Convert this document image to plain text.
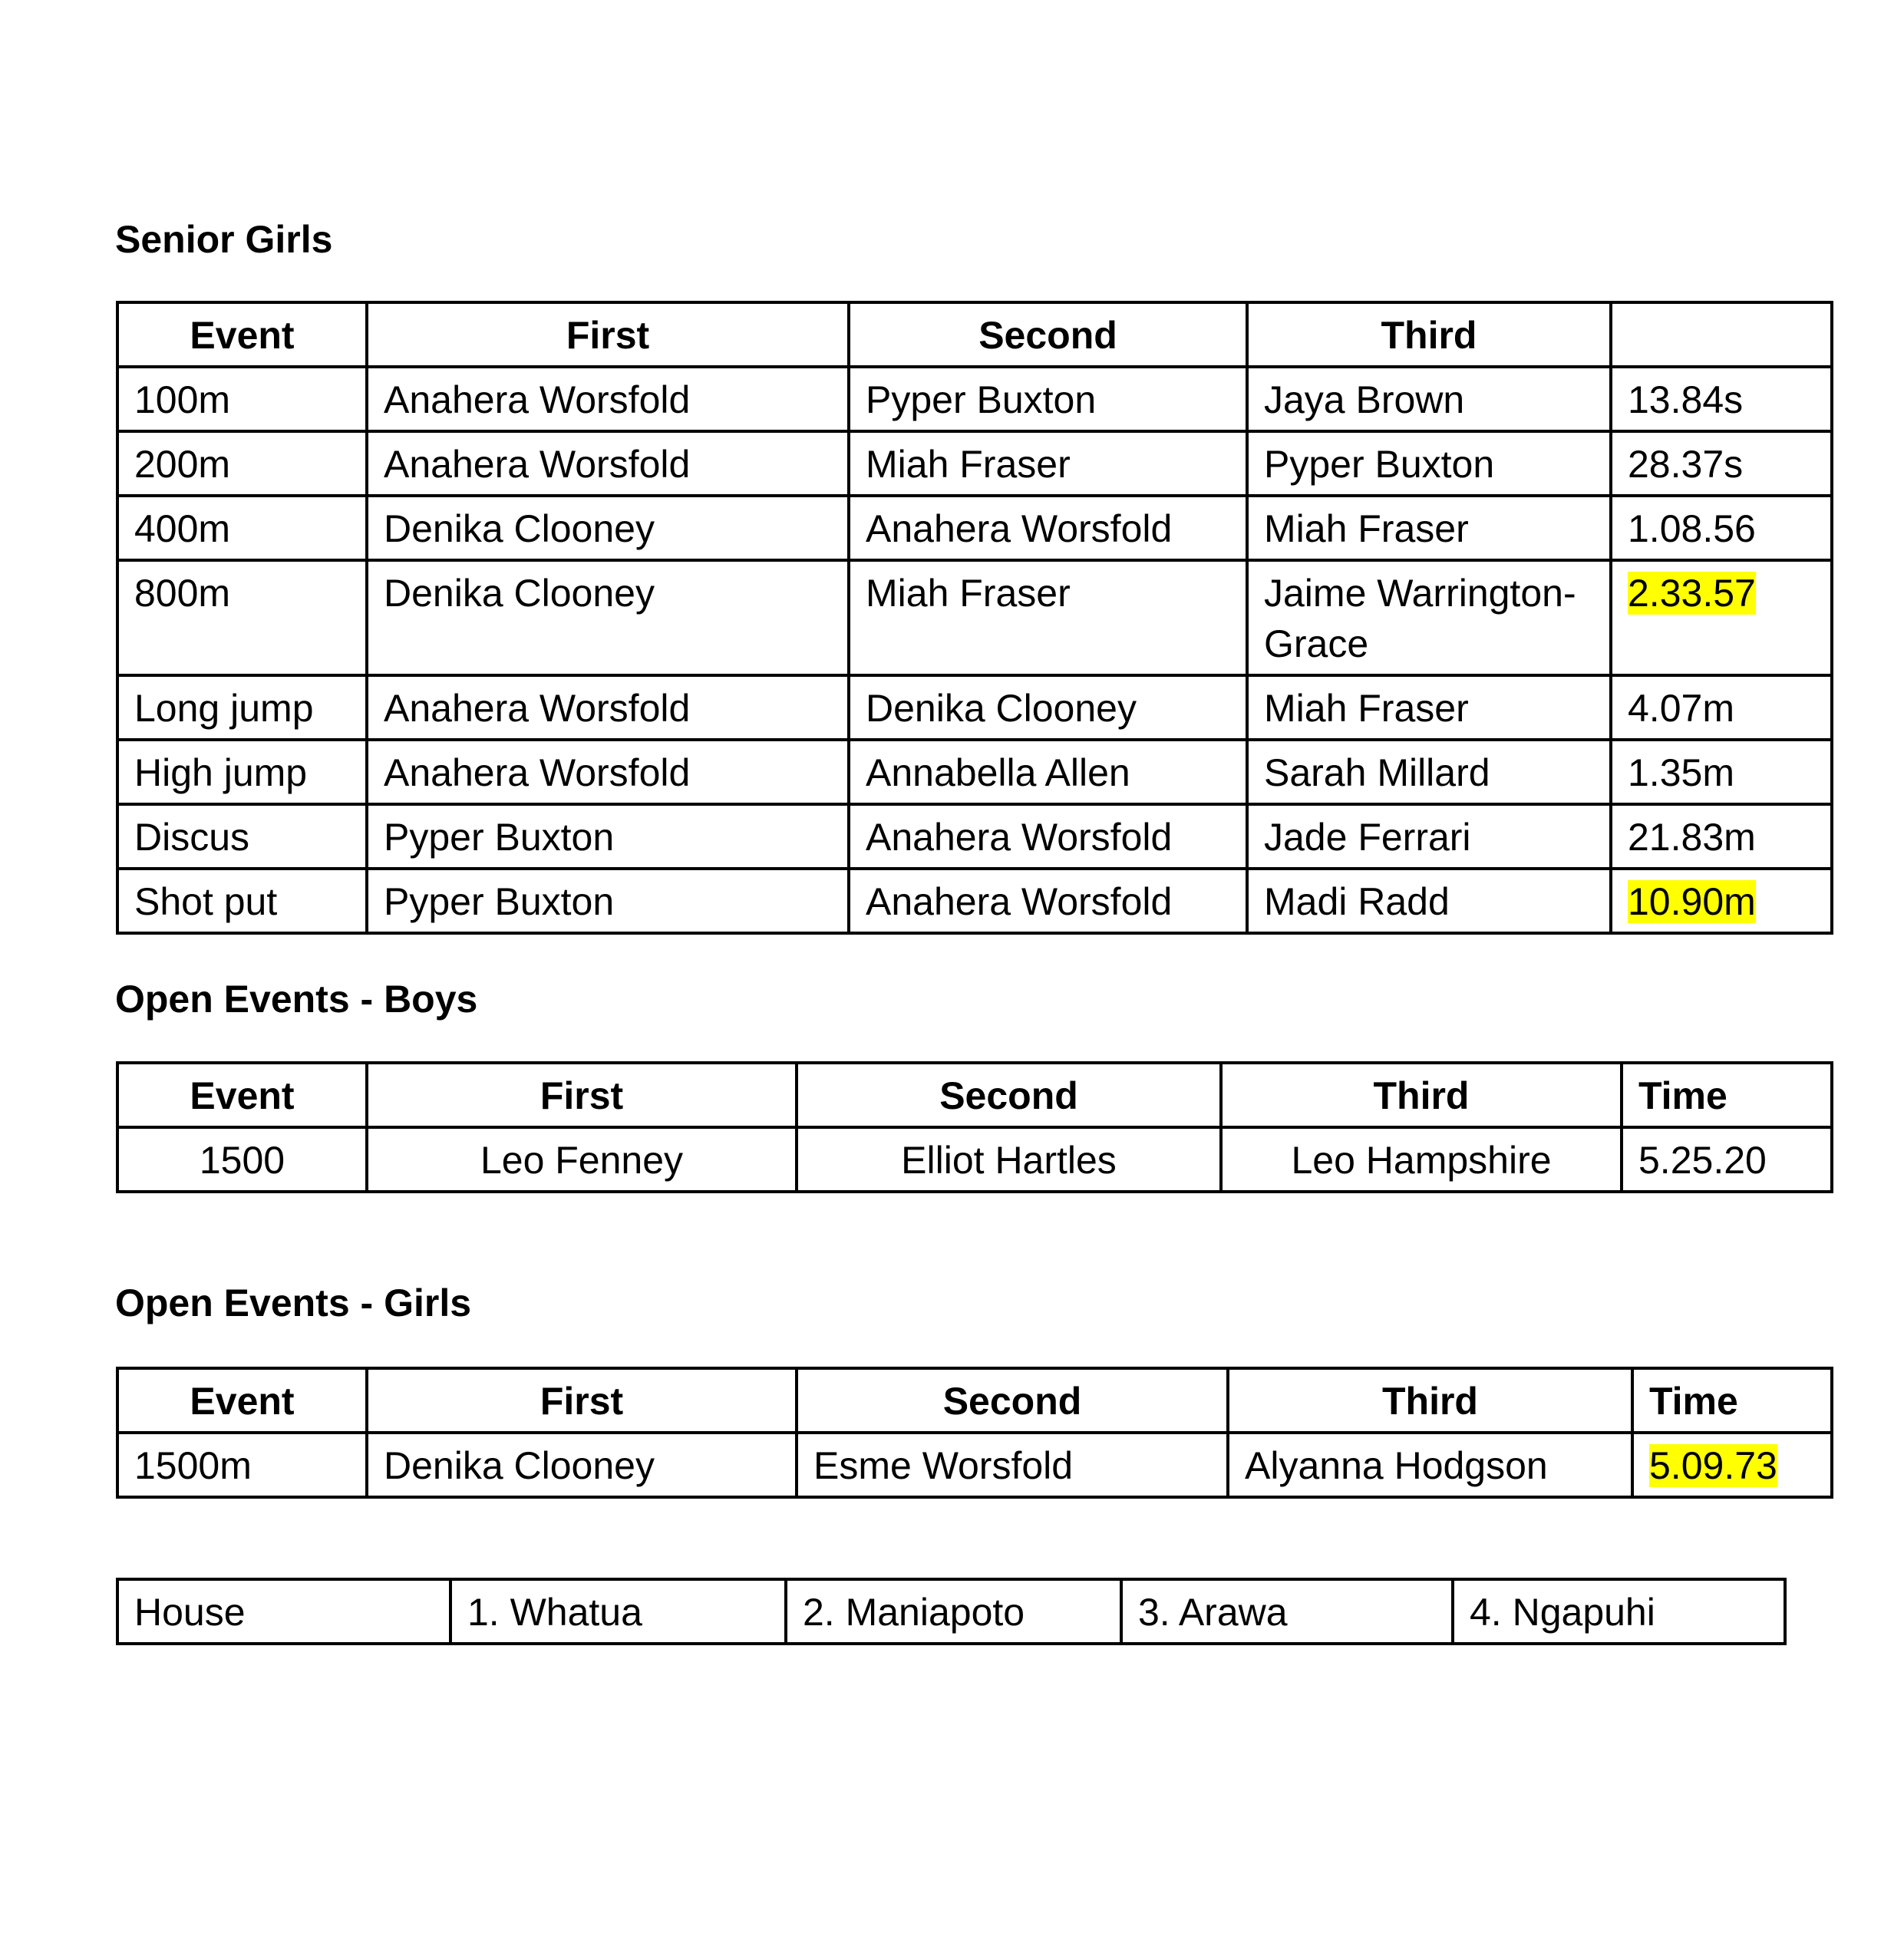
Senior Girls
Event	First	Second	Third	
100m	Anahera Worsfold	Pyper Buxton	Jaya Brown	13.84s
200m	Anahera Worsfold	Miah Fraser	Pyper Buxton	28.37s
400m	Denika Clooney	Anahera Worsfold	Miah Fraser	1.08.56
800m	Denika Clooney	Miah Fraser	Jaime Warrington-Grace	2.33.57
Long jump	Anahera Worsfold	Denika Clooney	Miah Fraser	4.07m
High jump	Anahera Worsfold	Annabella Allen	Sarah Millard	1.35m
Discus	Pyper Buxton	Anahera Worsfold	Jade Ferrari	21.83m
Shot put	Pyper Buxton	Anahera Worsfold	Madi Radd	10.90m
Open Events - Boys
Event	First	Second	Third	Time
1500	Leo Fenney	Elliot Hartles	Leo Hampshire	5.25.20
Open Events - Girls
Event	First	Second	Third	Time
1500m	Denika Clooney	Esme Worsfold	Alyanna Hodgson	5.09.73
House	1. Whatua	2. Maniapoto	3. Arawa	4. Ngapuhi
